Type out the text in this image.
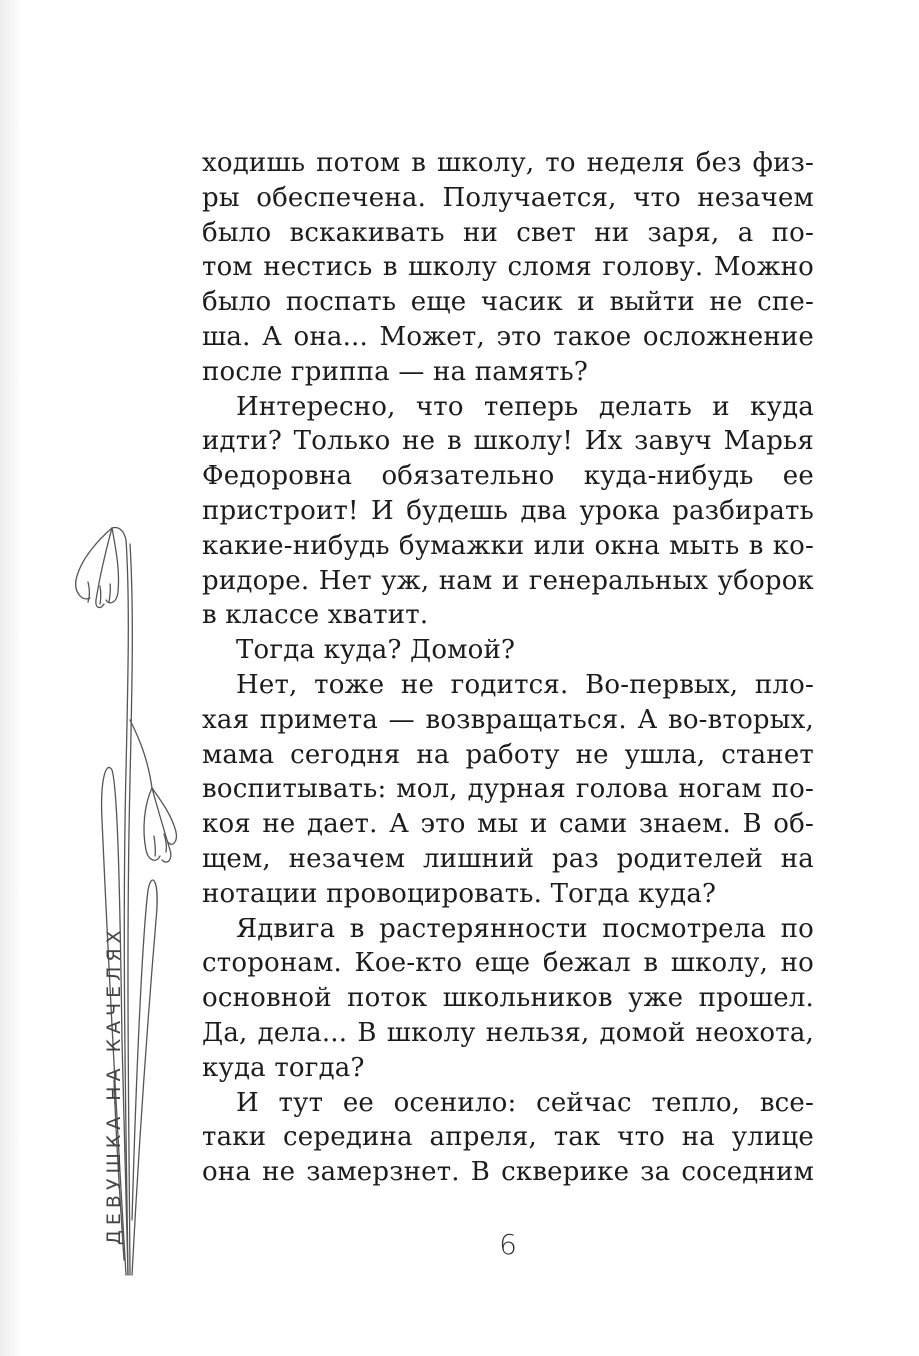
ДЕВУШКА НА КАЧЕЛЯХ
ходишь потом в школу, то неделя без физ-
ры обеспечена. Получается, что незачем
было вскакивать ни свет ни заря, а по-
том нестись в школу сломя голову. Можно
было поспать еще часик и выйти не спе-
ша. А она... Может, это такое осложнение
после гриппа — на память?
Интересно, что теперь делать и куда
идти? Только не в школу! Их завуч Марья
Федоровна обязательно куда-нибудь ее
пристроит! И будешь два урока разбирать
какие-нибудь бумажки или окна мыть в ко-
ридоре. Нет уж, нам и генеральных уборок
в классе хватит.
Тогда куда? Домой?
Нет, тоже не годится. Во-первых, пло-
хая примета — возвращаться. А во-вторых,
мама сегодня на работу не ушла, станет
воспитывать: мол, дурная голова ногам по-
коя не дает. А это мы и сами знаем. В об-
щем, незачем лишний раз родителей на
нотации провоцировать. Тогда куда?
Ядвига в растерянности посмотрела по
сторонам. Кое-кто еще бежал в школу, но
основной поток школьников уже прошел.
Да, дела... В школу нельзя, домой неохота,
куда тогда?
И тут ее осенило: сейчас тепло, все-
таки середина апреля, так что на улице
она не замерзнет. В скверике за соседним
6
